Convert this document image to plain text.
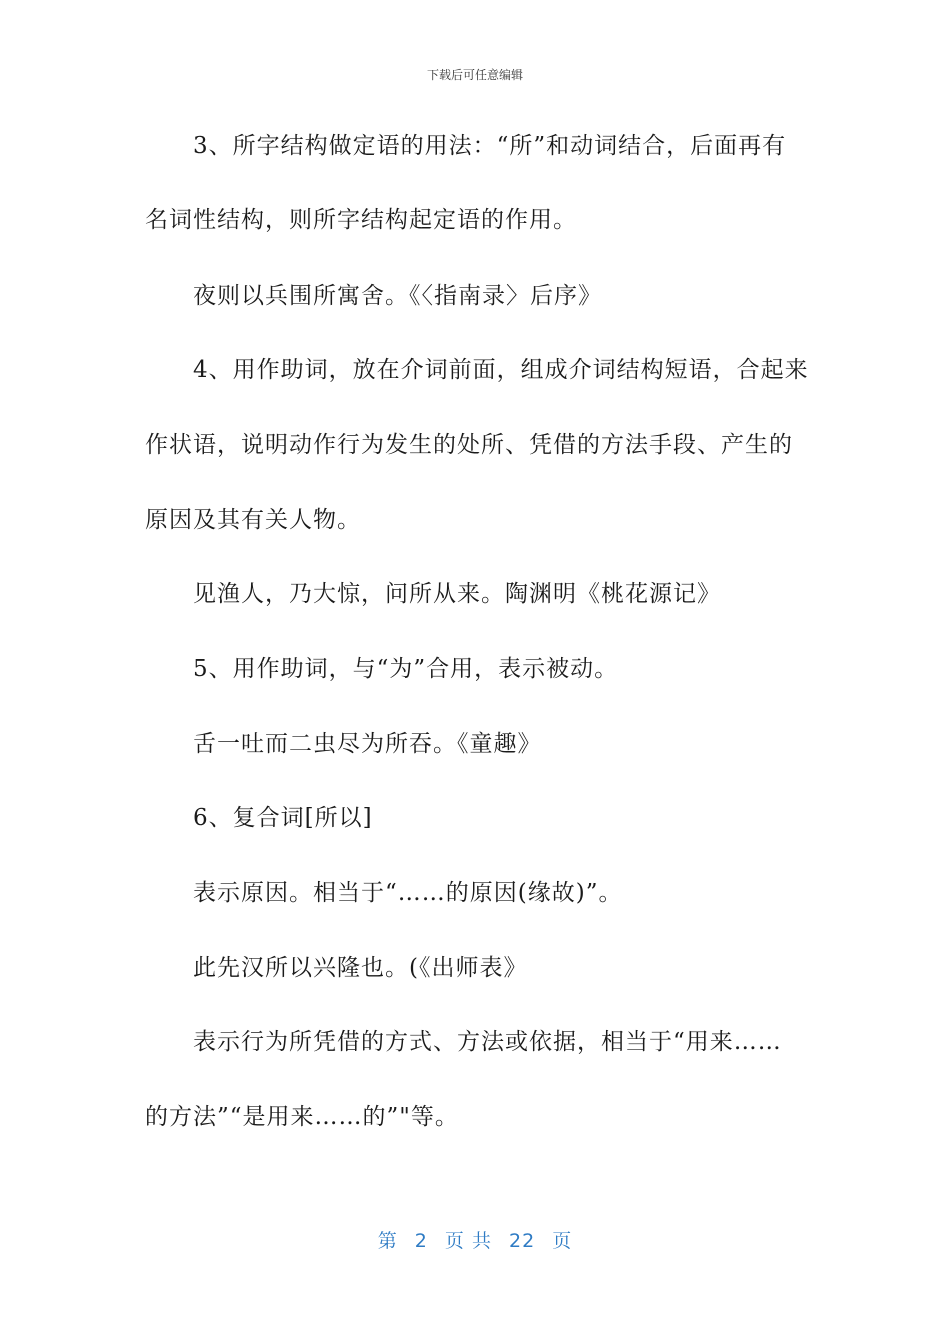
下载后可任意编辑
3、所字结构做定语的用法：“所”和动词结合，后面再有
名词性结构，则所字结构起定语的作用。
夜则以兵围所寓舍。《〈指南录〉后序》
4、用作助词，放在介词前面，组成介词结构短语，合起来
作状语，说明动作行为发生的处所、凭借的方法手段、产生的
原因及其有关人物。
见渔人，乃大惊，问所从来。陶渊明《桃花源记》
5、用作助词，与“为”合用，表示被动。
舌一吐而二虫尽为所吞。《童趣》
6、复合词[所以]
表示原因。相当于“……的原因(缘故)”。
此先汉所以兴隆也。(《出师表》
表示行为所凭借的方式、方法或依据，相当于“用来……
的方法”“是用来……的”"等。
第 2 页 共 22 页
